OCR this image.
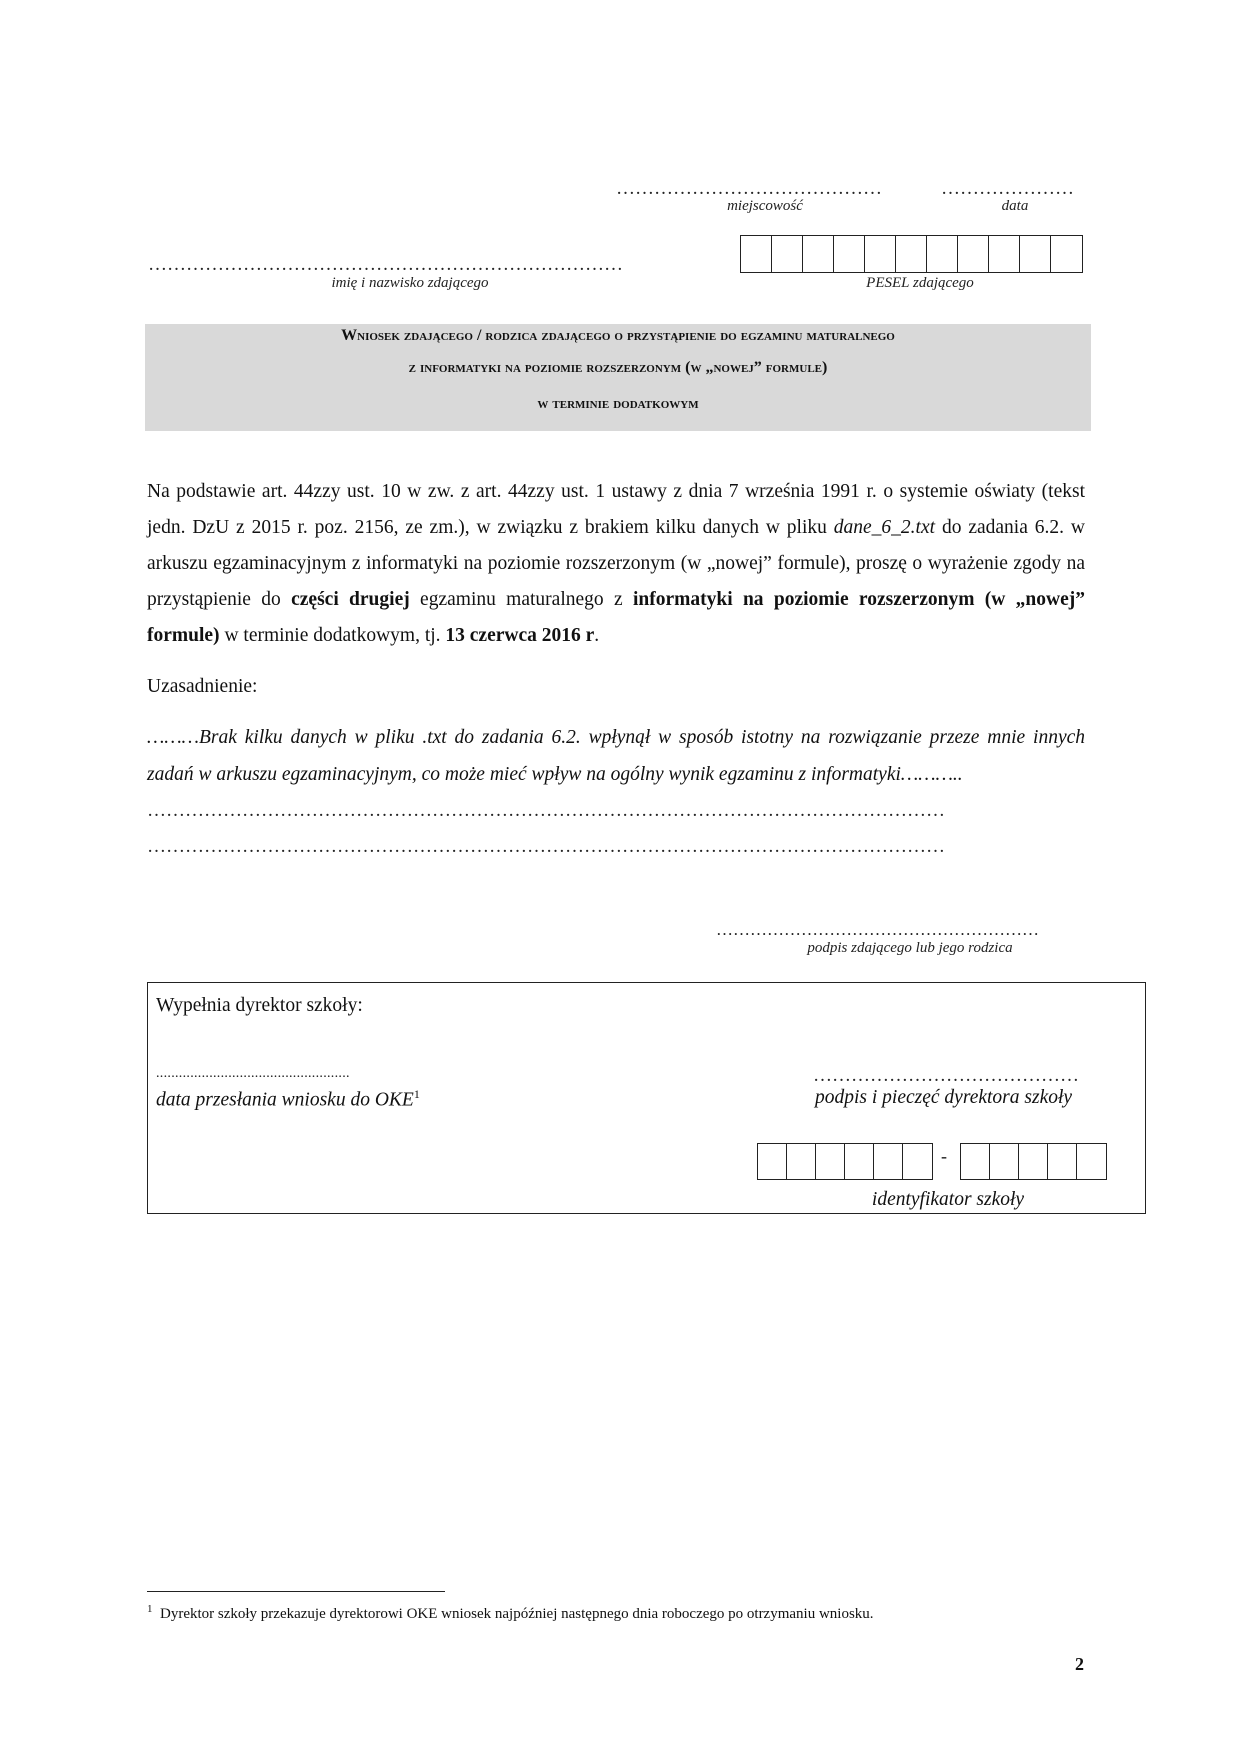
……………………………………
miejscowość
…………………
data
…………………………………………………………………
imię i nazwisko zdającego	PESEL zdającego
Wniosek zdającego / rodzica zdającego o przystąpienie do egzaminu maturalnego
z informatyki na poziomie rozszerzonym (w „nowej” formule)
w terminie dodatkowym
Na podstawie art. 44zzy ust. 10 w zw. z art. 44zzy ust. 1 ustawy z dnia 7 września 1991 r. o systemie oświaty (tekst jedn. DzU z 2015 r. poz. 2156, ze zm.), w związku z brakiem kilku danych w pliku dane_6_2.txt do zadania 6.2. w arkuszu egzaminacyjnym z informatyki na poziomie rozszerzonym (w „nowej” formule), proszę o wyrażenie zgody na przystąpienie do części drugiej egzaminu maturalnego z informatyki na poziomie rozszerzonym (w „nowej” formule) w terminie dodatkowym, tj. 13 czerwca 2016 r.
Uzasadnienie:
………Brak kilku danych w pliku .txt do zadania 6.2. wpłynął w sposób istotny na rozwiązanie przeze mnie innych zadań w arkuszu egzaminacyjnym, co może mieć wpływ na ogólny wynik egzaminu z informatyki………..
………………………………………………………………………………………………………………
………………………………………………………………………………………………………………
…………………………………………………
podpis zdającego lub jego rodzica
Wypełnia dyrektor szkoły:
...................................................
data przesłania wniosku do OKE$^1$
……………………………………
podpis i pieczęć dyrektora szkoły
-
identyfikator szkoły
$^1$ Dyrektor szkoły przekazuje dyrektorowi OKE wniosek najpóźniej następnego dnia roboczego po otrzymaniu wniosku.
2
